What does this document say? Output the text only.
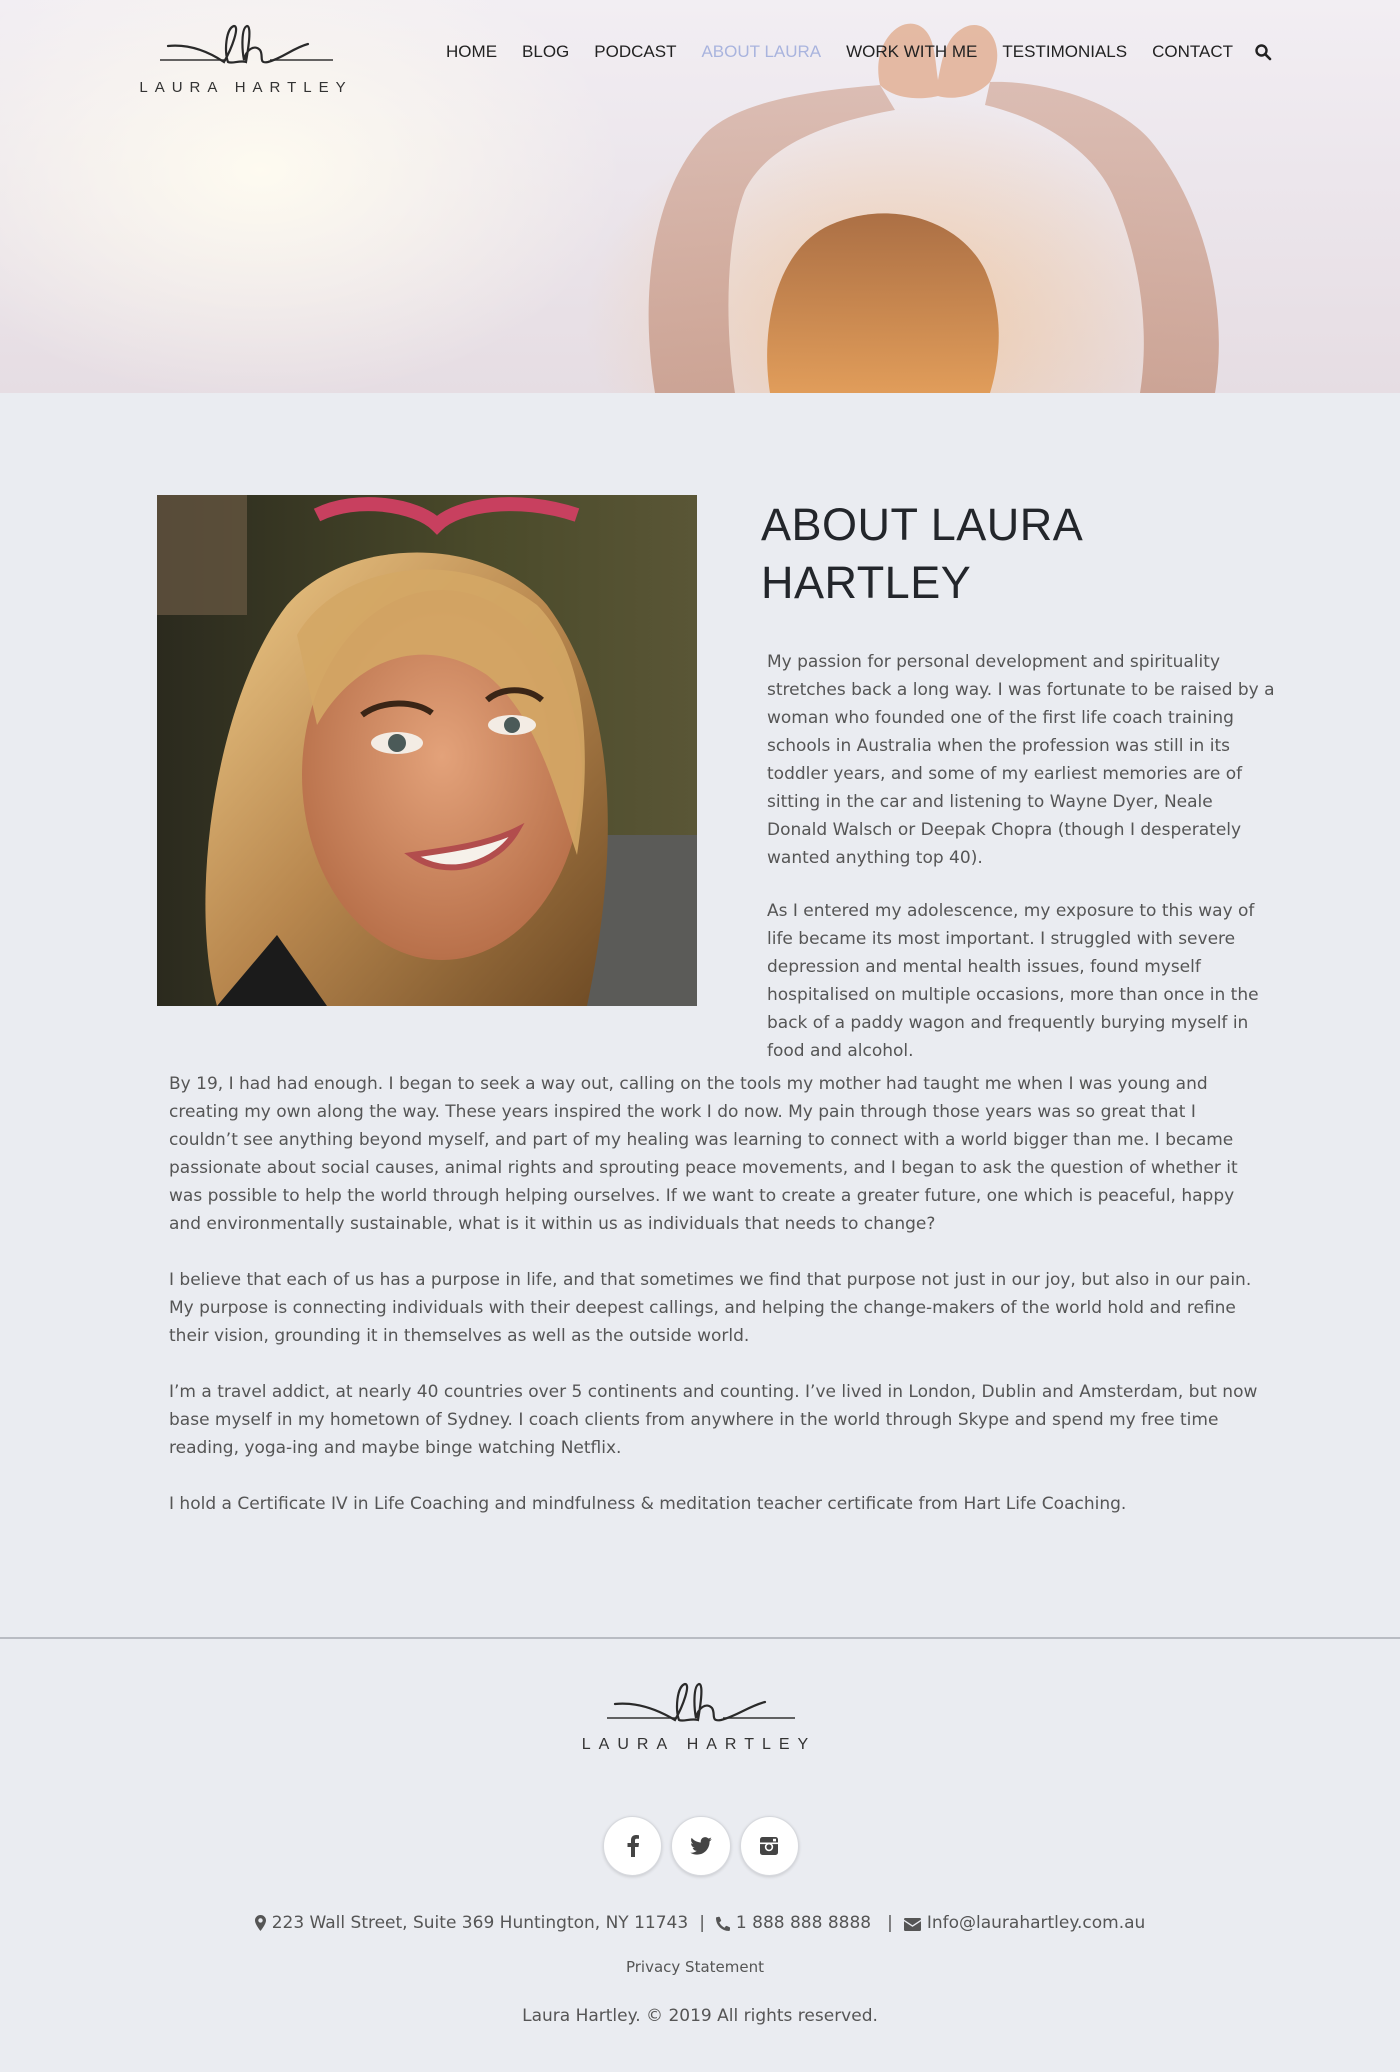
LAURA HARTLEY
HOME BLOG PODCAST ABOUT LAURA WORK WITH ME TESTIMONIALS CONTACT
ABOUT LAURA
HARTLEY

My passion for personal development and spirituality stretches back a long way. I was fortunate to be raised by a woman who founded one of the first life coach training schools in Australia when the profession was still in its toddler years, and some of my earliest memories are of sitting in the car and listening to Wayne Dyer, Neale Donald Walsch or Deepak Chopra (though I desperately wanted anything top 40).

As I entered my adolescence, my exposure to this way of life became its most important. I struggled with severe depression and mental health issues, found myself hospitalised on multiple occasions, more than once in the back of a paddy wagon and frequently burying myself in food and alcohol.

By 19, I had had enough. I began to seek a way out, calling on the tools my mother had taught me when I was young and creating my own along the way. These years inspired the work I do now. My pain through those years was so great that I couldn’t see anything beyond myself, and part of my healing was learning to connect with a world bigger than me. I became passionate about social causes, animal rights and sprouting peace movements, and I began to ask the question of whether it was possible to help the world through helping ourselves. If we want to create a greater future, one which is peaceful, happy and environmentally sustainable, what is it within us as individuals that needs to change?

I believe that each of us has a purpose in life, and that sometimes we find that purpose not just in our joy, but also in our pain. My purpose is connecting individuals with their deepest callings, and helping the change-makers of the world hold and refine their vision, grounding it in themselves as well as the outside world.

I’m a travel addict, at nearly 40 countries over 5 continents and counting. I’ve lived in London, Dublin and Amsterdam, but now base myself in my hometown of Sydney. I coach clients from anywhere in the world through Skype and spend my free time reading, yoga-ing and maybe binge watching Netflix.

I hold a Certificate IV in Life Coaching and mindfulness & meditation teacher certificate from Hart Life Coaching.

LAURA HARTLEY
223 Wall Street, Suite 369 Huntington, NY 11743 | 1 888 888 8888 | Info@laurahartley.com.au
Privacy Statement
Laura Hartley. © 2019 All rights reserved.
